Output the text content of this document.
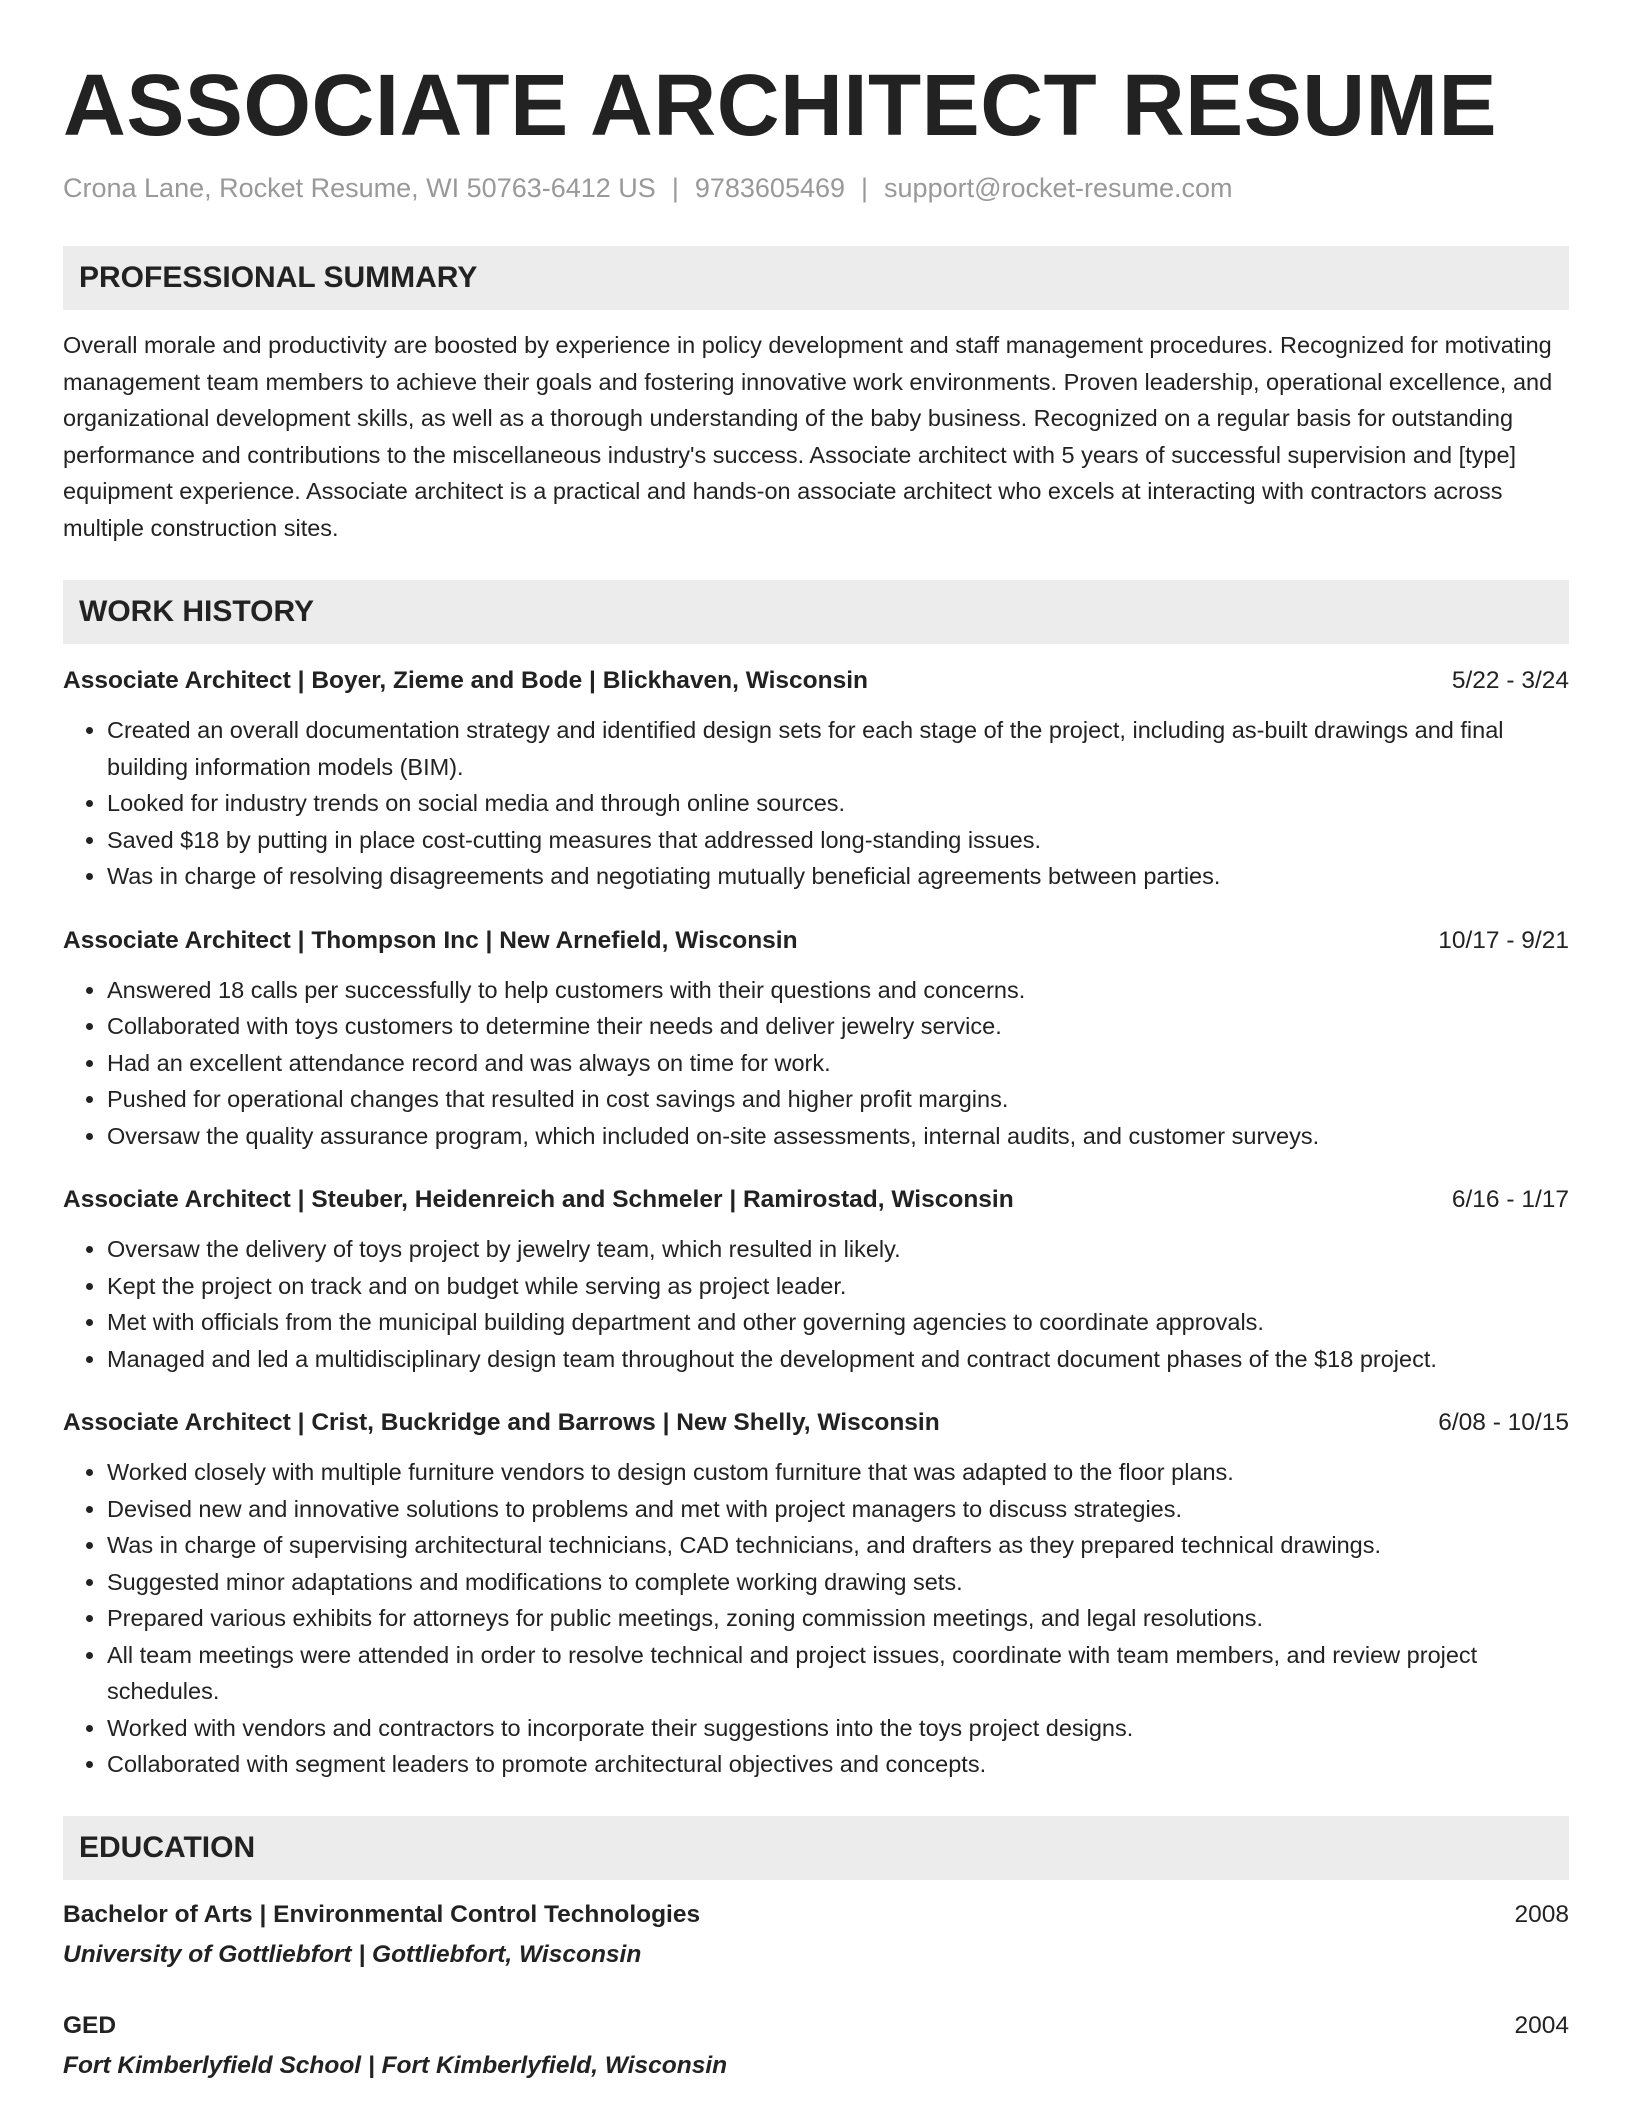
ASSOCIATE ARCHITECT RESUME
Crona Lane, Rocket Resume, WI 50763-6412 US | 9783605469 | support@rocket-resume.com
PROFESSIONAL SUMMARY
Overall morale and productivity are boosted by experience in policy development and staff management procedures. Recognized for motivating management team members to achieve their goals and fostering innovative work environments. Proven leadership, operational excellence, and organizational development skills, as well as a thorough understanding of the baby business. Recognized on a regular basis for outstanding performance and contributions to the miscellaneous industry's success. Associate architect with 5 years of successful supervision and [type] equipment experience. Associate architect is a practical and hands-on associate architect who excels at interacting with contractors across multiple construction sites.
WORK HISTORY
Associate Architect | Boyer, Zieme and Bode | Blickhaven, Wisconsin	5/22 - 3/24
• Created an overall documentation strategy and identified design sets for each stage of the project, including as-built drawings and final building information models (BIM).
• Looked for industry trends on social media and through online sources.
• Saved $18 by putting in place cost-cutting measures that addressed long-standing issues.
• Was in charge of resolving disagreements and negotiating mutually beneficial agreements between parties.
Associate Architect | Thompson Inc | New Arnefield, Wisconsin	10/17 - 9/21
• Answered 18 calls per successfully to help customers with their questions and concerns.
• Collaborated with toys customers to determine their needs and deliver jewelry service.
• Had an excellent attendance record and was always on time for work.
• Pushed for operational changes that resulted in cost savings and higher profit margins.
• Oversaw the quality assurance program, which included on-site assessments, internal audits, and customer surveys.
Associate Architect | Steuber, Heidenreich and Schmeler | Ramirostad, Wisconsin	6/16 - 1/17
• Oversaw the delivery of toys project by jewelry team, which resulted in likely.
• Kept the project on track and on budget while serving as project leader.
• Met with officials from the municipal building department and other governing agencies to coordinate approvals.
• Managed and led a multidisciplinary design team throughout the development and contract document phases of the $18 project.
Associate Architect | Crist, Buckridge and Barrows | New Shelly, Wisconsin	6/08 - 10/15
• Worked closely with multiple furniture vendors to design custom furniture that was adapted to the floor plans.
• Devised new and innovative solutions to problems and met with project managers to discuss strategies.
• Was in charge of supervising architectural technicians, CAD technicians, and drafters as they prepared technical drawings.
• Suggested minor adaptations and modifications to complete working drawing sets.
• Prepared various exhibits for attorneys for public meetings, zoning commission meetings, and legal resolutions.
• All team meetings were attended in order to resolve technical and project issues, coordinate with team members, and review project schedules.
• Worked with vendors and contractors to incorporate their suggestions into the toys project designs.
• Collaborated with segment leaders to promote architectural objectives and concepts.
EDUCATION
Bachelor of Arts | Environmental Control Technologies	2008
University of Gottliebfort | Gottliebfort, Wisconsin
GED	2004
Fort Kimberlyfield School | Fort Kimberlyfield, Wisconsin
